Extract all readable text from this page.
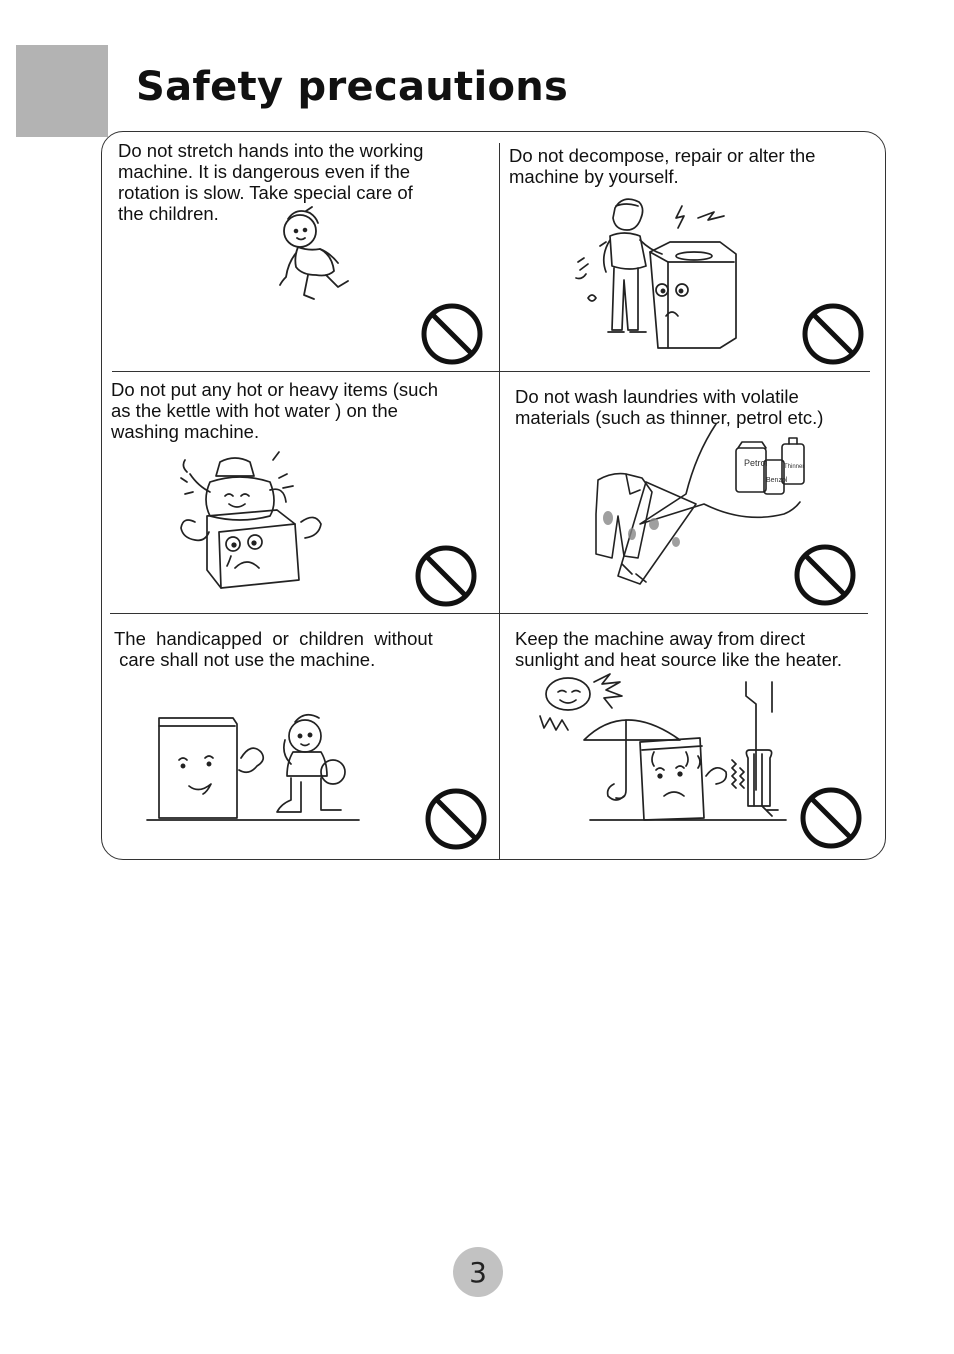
Safety precautions

Do not stretch hands into the working
machine. It is dangerous even if the
rotation is slow. Take special care of
the children.

Do not decompose, repair or alter the
machine by yourself.

Do not put any hot or heavy items (such
as the kettle with hot water ) on the
washing machine.

Do not wash laundries with volatile
materials (such as thinner, petrol etc.)

Petrol
Benzol
Thinner

The  handicapped  or  children  without
care shall not use the machine.

Keep the machine away from direct
sunlight and heat source like the heater.

3
